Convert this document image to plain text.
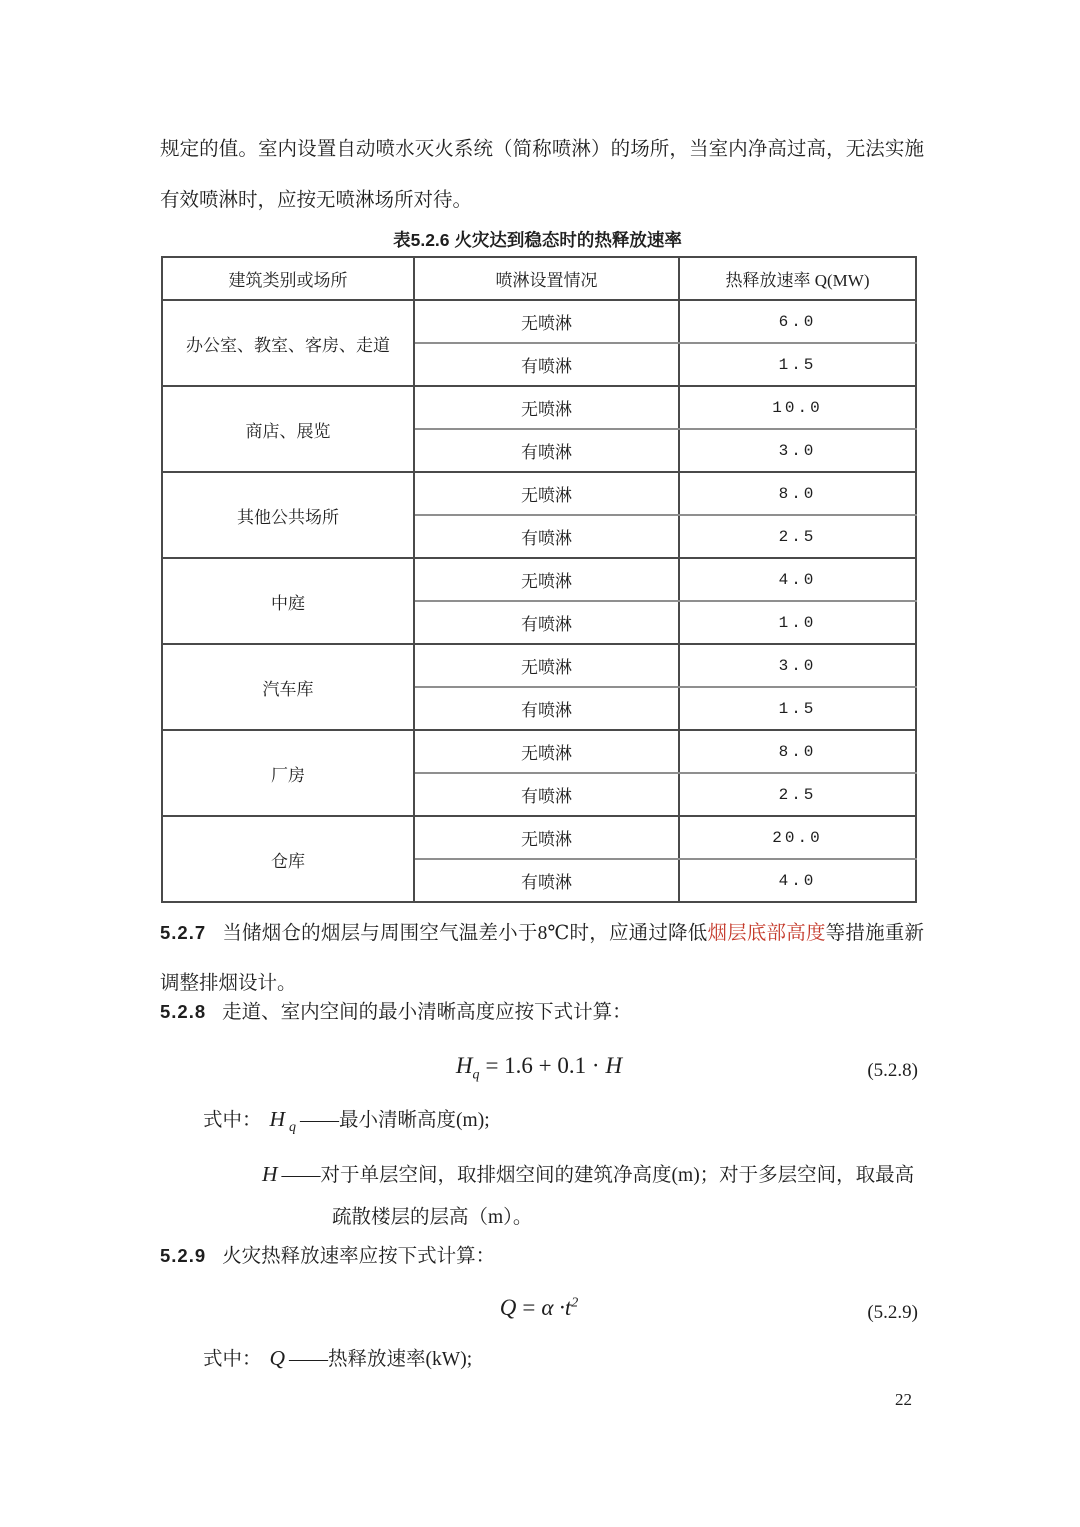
规定的值。室内设置自动喷水灭火系统（简称喷淋）的场所，当室内净高过高，无法实施有效喷淋时，应按无喷淋场所对待。
表5.2.6 火灾达到稳态时的热释放速率
建筑类别或场所	喷淋设置情况	热释放速率 Q(MW)
办公室、教室、客房、走道	无喷淋	6.0
	有喷淋	1.5
商店、展览	无喷淋	10.0
	有喷淋	3.0
其他公共场所	无喷淋	8.0
	有喷淋	2.5
中庭	无喷淋	4.0
	有喷淋	1.0
汽车库	无喷淋	3.0
	有喷淋	1.5
厂房	无喷淋	8.0
	有喷淋	2.5
仓库	无喷淋	20.0
	有喷淋	4.0
5.2.7 当储烟仓的烟层与周围空气温差小于8℃时，应通过降低烟层底部高度等措施重新调整排烟设计。
5.2.8 走道、室内空间的最小清晰高度应按下式计算：
$H_q = 1.6 + 0.1 \cdot H$	(5.2.8)
式中： H $_q$ ——最小清晰高度(m);
H ——对于单层空间，取排烟空间的建筑净高度(m)；对于多层空间，取最高
疏散楼层的层高（m）。
5.2.9 火灾热释放速率应按下式计算：
$Q = \alpha \cdot t^2$	(5.2.9)
式中： Q ——热释放速率(kW);
22
